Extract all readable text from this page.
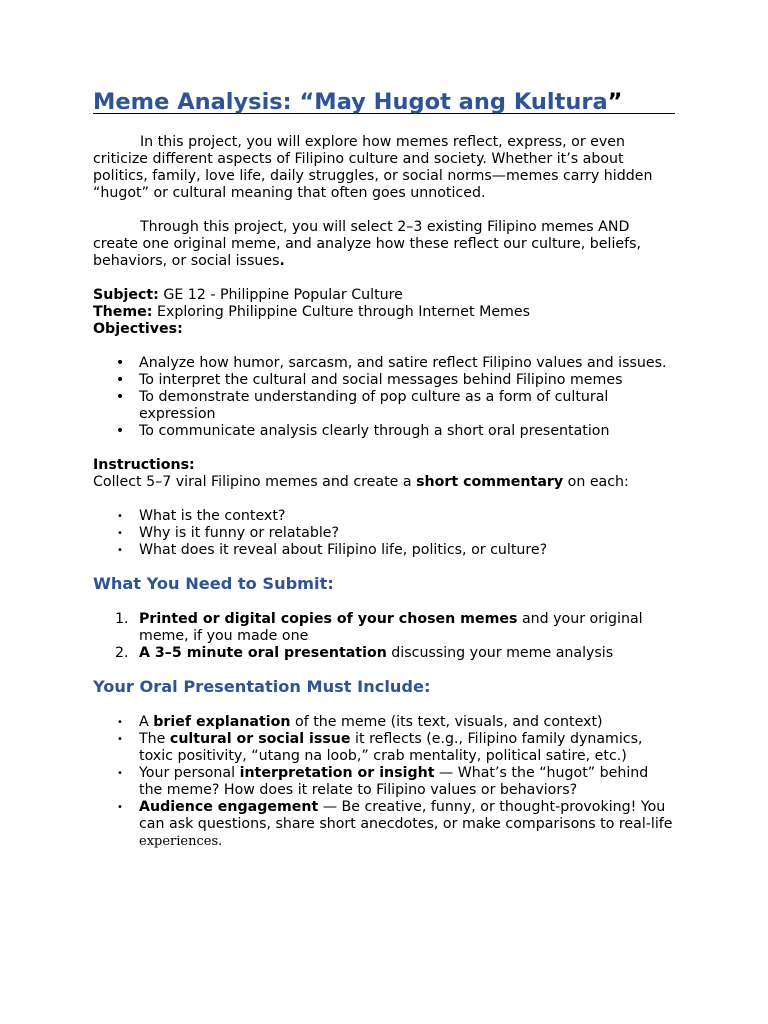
Meme Analysis: “May Hugot ang Kultura”

In this project, you will explore how memes reflect, express, or even criticize different aspects of Filipino culture and society. Whether it’s about politics, family, love life, daily struggles, or social norms—memes carry hidden “hugot” or cultural meaning that often goes unnoticed.

Through this project, you will select 2–3 existing Filipino memes AND create one original meme, and analyze how these reflect our culture, beliefs, behaviors, or social issues.

Subject: GE 12 - Philippine Popular Culture
Theme: Exploring Philippine Culture through Internet Memes
Objectives:
• Analyze how humor, sarcasm, and satire reflect Filipino values and issues.
• To interpret the cultural and social messages behind Filipino memes
• To demonstrate understanding of pop culture as a form of cultural expression
• To communicate analysis clearly through a short oral presentation
Instructions:
Collect 5–7 viral Filipino memes and create a short commentary on each:
• What is the context?
• Why is it funny or relatable?
• What does it reveal about Filipino life, politics, or culture?
What You Need to Submit:
1. Printed or digital copies of your chosen memes and your original meme, if you made one
2. A 3–5 minute oral presentation discussing your meme analysis
Your Oral Presentation Must Include:
• A brief explanation of the meme (its text, visuals, and context)
• The cultural or social issue it reflects (e.g., Filipino family dynamics, toxic positivity, “utang na loob,” crab mentality, political satire, etc.)
• Your personal interpretation or insight — What’s the “hugot” behind the meme? How does it relate to Filipino values or behaviors?
• Audience engagement — Be creative, funny, or thought-provoking! You can ask questions, share short anecdotes, or make comparisons to real-life experiences.
